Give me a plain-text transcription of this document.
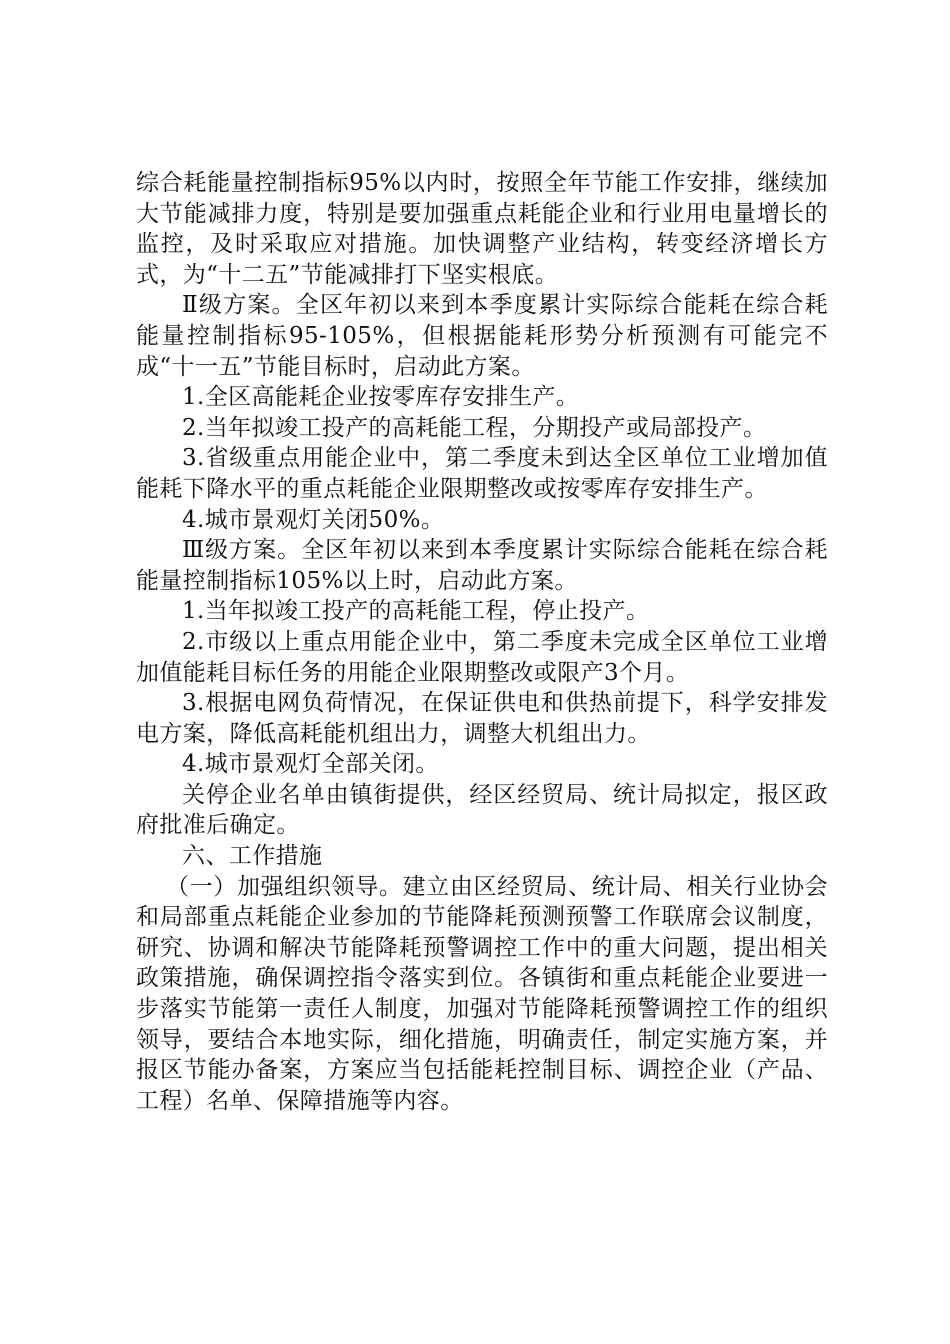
综合耗能量控制指标95%以内时，按照全年节能工作安排，继续加大节能减排力度，特别是要加强重点耗能企业和行业用电量增长的监控，及时采取应对措施。加快调整产业结构，转变经济增长方式，为“十二五”节能减排打下坚实根底。

Ⅱ级方案。全区年初以来到本季度累计实际综合能耗在综合耗能量控制指标95-105%，但根据能耗形势分析预测有可能完不成“十一五”节能目标时，启动此方案。

1.全区高能耗企业按零库存安排生产。

2.当年拟竣工投产的高耗能工程，分期投产或局部投产。

3.省级重点用能企业中，第二季度未到达全区单位工业增加值能耗下降水平的重点耗能企业限期整改或按零库存安排生产。

4.城市景观灯关闭50%。

Ⅲ级方案。全区年初以来到本季度累计实际综合能耗在综合耗能量控制指标105%以上时，启动此方案。

1.当年拟竣工投产的高耗能工程，停止投产。

2.市级以上重点用能企业中，第二季度未完成全区单位工业增加值能耗目标任务的用能企业限期整改或限产3个月。

3.根据电网负荷情况，在保证供电和供热前提下，科学安排发电方案，降低高耗能机组出力，调整大机组出力。

4.城市景观灯全部关闭。

关停企业名单由镇街提供，经区经贸局、统计局拟定，报区政府批准后确定。

六、工作措施

（一）加强组织领导。建立由区经贸局、统计局、相关行业协会和局部重点耗能企业参加的节能降耗预测预警工作联席会议制度，研究、协调和解决节能降耗预警调控工作中的重大问题，提出相关政策措施，确保调控指令落实到位。各镇街和重点耗能企业要进一步落实节能第一责任人制度，加强对节能降耗预警调控工作的组织领导，要结合本地实际，细化措施，明确责任，制定实施方案，并报区节能办备案，方案应当包括能耗控制目标、调控企业（产品、工程）名单、保障措施等内容。
